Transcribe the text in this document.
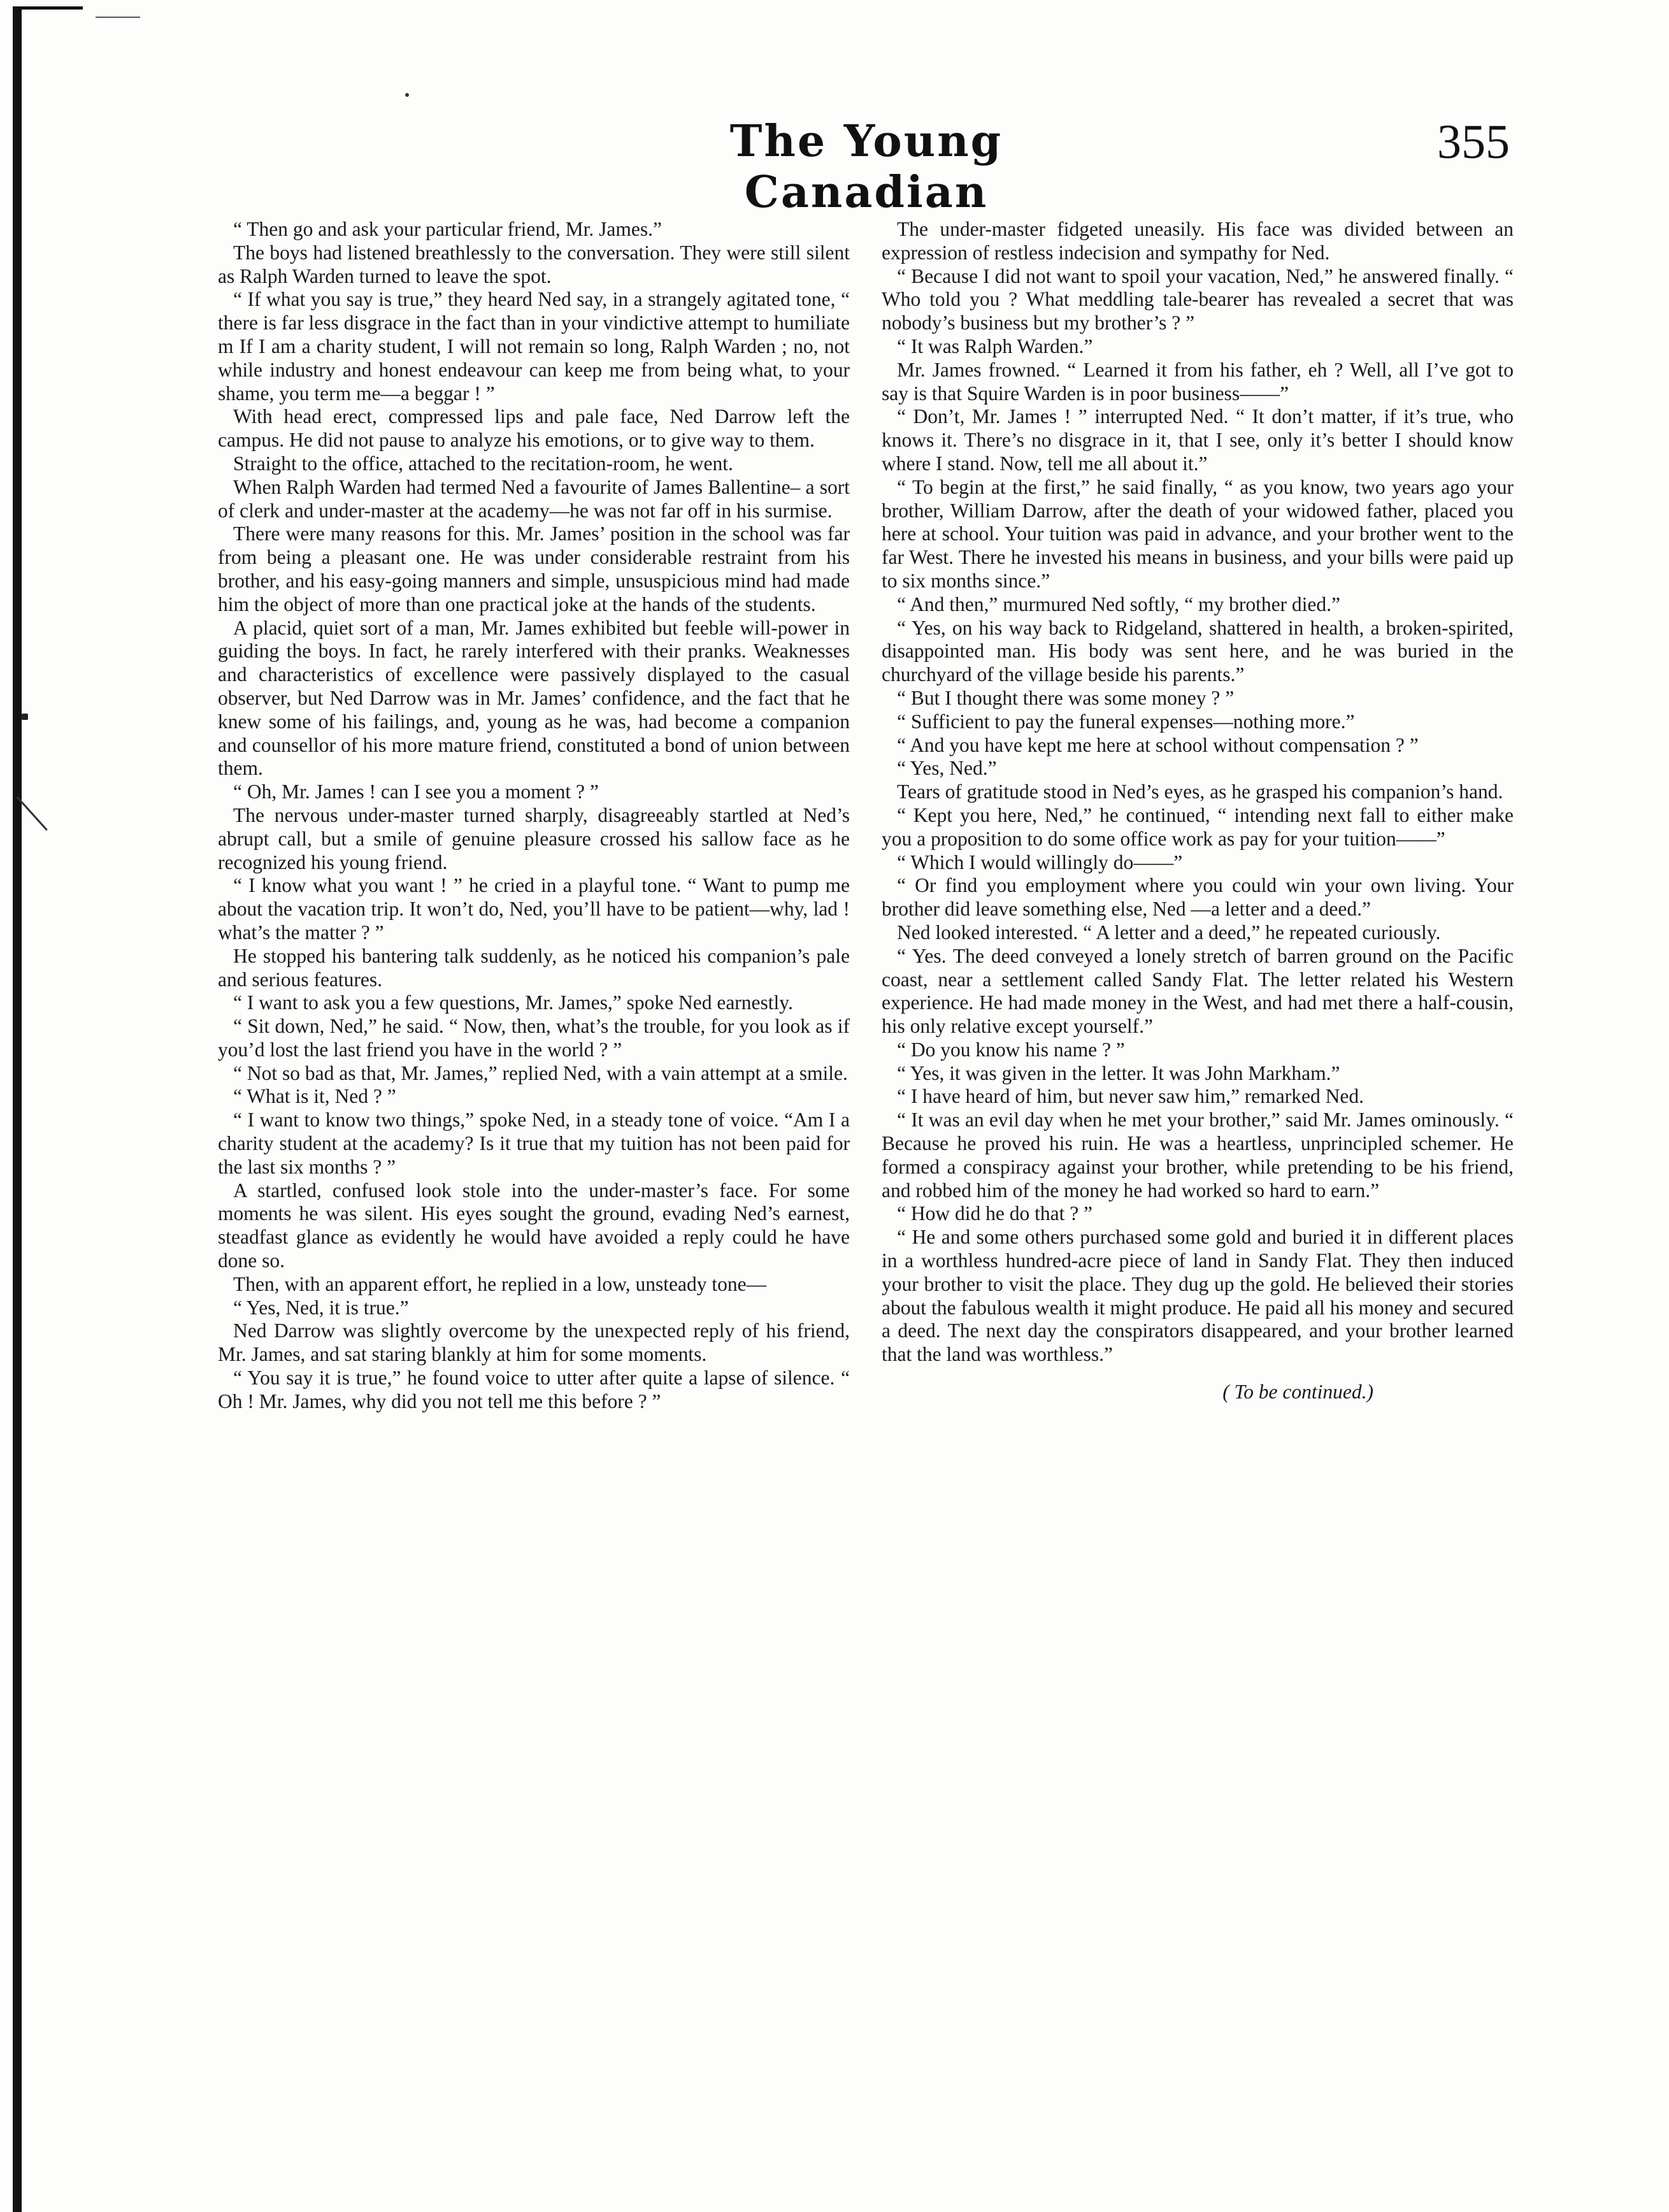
The Young Canadian
355

“ Then go and ask your particular friend, Mr. James.”

The boys had listened breathlessly to the conversation. They were still silent as Ralph Warden turned to leave the spot.

“ If what you say is true,” they heard Ned say, in a strangely agitated tone, “ there is far less disgrace in the fact than in your vindictive attempt to humiliate m If I am a charity student, I will not remain so long, Ralph Warden ; no, not while industry and honest endeavour can keep me from being what, to your shame, you term me—a beggar ! ”

With head erect, compressed lips and pale face, Ned Darrow left the campus. He did not pause to analyze his emotions, or to give way to them.

Straight to the office, attached to the recitation-room, he went.

When Ralph Warden had termed Ned a favourite of James Ballentine– a sort of clerk and under-master at the academy—he was not far off in his surmise.

There were many reasons for this. Mr. James’ position in the school was far from being a pleasant one. He was under considerable restraint from his brother, and his easy-going manners and simple, unsuspicious mind had made him the object of more than one practical joke at the hands of the students.

A placid, quiet sort of a man, Mr. James exhibited but feeble will-power in guiding the boys. In fact, he rarely interfered with their pranks. Weaknesses and characteristics of excellence were passively displayed to the casual observer, but Ned Darrow was in Mr. James’ confidence, and the fact that he knew some of his failings, and, young as he was, had become a companion and counsellor of his more mature friend, constituted a bond of union between them.

“ Oh, Mr. James ! can I see you a moment ? ”

The nervous under-master turned sharply, disagreeably startled at Ned’s abrupt call, but a smile of genuine pleasure crossed his sallow face as he recognized his young friend.

“ I know what you want ! ” he cried in a playful tone. “ Want to pump me about the vacation trip. It won’t do, Ned, you’ll have to be patient—why, lad ! what’s the matter ? ”

He stopped his bantering talk suddenly, as he noticed his companion’s pale and serious features.

“ I want to ask you a few questions, Mr. James,” spoke Ned earnestly.

“ Sit down, Ned,” he said. “ Now, then, what’s the trouble, for you look as if you’d lost the last friend you have in the world ? ”

“ Not so bad as that, Mr. James,” replied Ned, with a vain attempt at a smile.

“ What is it, Ned ? ”

“ I want to know two things,” spoke Ned, in a steady tone of voice. “Am I a charity student at the academy? Is it true that my tuition has not been paid for the last six months ? ”

A startled, confused look stole into the under-master’s face. For some moments he was silent. His eyes sought the ground, evading Ned’s earnest, steadfast glance as evidently he would have avoided a reply could he have done so.

Then, with an apparent effort, he replied in a low, unsteady tone—

“ Yes, Ned, it is true.”

Ned Darrow was slightly overcome by the unexpected reply of his friend, Mr. James, and sat staring blankly at him for some moments.

“ You say it is true,” he found voice to utter after quite a lapse of silence. “ Oh ! Mr. James, why did you not tell me this before ? ”

The under-master fidgeted uneasily. His face was divided between an expression of restless indecision and sympathy for Ned.

“ Because I did not want to spoil your vacation, Ned,” he answered finally. “ Who told you ? What meddling tale-bearer has revealed a secret that was nobody’s business but my brother’s ? ”

“ It was Ralph Warden.”

Mr. James frowned. “ Learned it from his father, eh ? Well, all I’ve got to say is that Squire Warden is in poor business——”

“ Don’t, Mr. James ! ” interrupted Ned. “ It don’t matter, if it’s true, who knows it. There’s no disgrace in it, that I see, only it’s better I should know where I stand. Now, tell me all about it.”

“ To begin at the first,” he said finally, “ as you know, two years ago your brother, William Darrow, after the death of your widowed father, placed you here at school. Your tuition was paid in advance, and your brother went to the far West. There he invested his means in business, and your bills were paid up to six months since.”

“ And then,” murmured Ned softly, “ my brother died.”

“ Yes, on his way back to Ridgeland, shattered in health, a broken-spirited, disappointed man. His body was sent here, and he was buried in the churchyard of the village beside his parents.”

“ But I thought there was some money ? ”

“ Sufficient to pay the funeral expenses—nothing more.”

“ And you have kept me here at school without compensation ? ”

“ Yes, Ned.”

Tears of gratitude stood in Ned’s eyes, as he grasped his companion’s hand.

“ Kept you here, Ned,” he continued, “ intending next fall to either make you a proposition to do some office work as pay for your tuition——”

“ Which I would willingly do——”

“ Or find you employment where you could win your own living. Your brother did leave something else, Ned —a letter and a deed.”

Ned looked interested. “ A letter and a deed,” he repeated curiously.

“ Yes. The deed conveyed a lonely stretch of barren ground on the Pacific coast, near a settlement called Sandy Flat. The letter related his Western experience. He had made money in the West, and had met there a half-cousin, his only relative except yourself.”

“ Do you know his name ? ”

“ Yes, it was given in the letter. It was John Markham.”

“ I have heard of him, but never saw him,” remarked Ned.

“ It was an evil day when he met your brother,” said Mr. James ominously. “ Because he proved his ruin. He was a heartless, unprincipled schemer. He formed a conspiracy against your brother, while pretending to be his friend, and robbed him of the money he had worked so hard to earn.”

“ How did he do that ? ”

“ He and some others purchased some gold and buried it in different places in a worthless hundred-acre piece of land in Sandy Flat. They then induced your brother to visit the place. They dug up the gold. He believed their stories about the fabulous wealth it might produce. He paid all his money and secured a deed. The next day the conspirators disappeared, and your brother learned that the land was worthless.”

( To be continued.)
